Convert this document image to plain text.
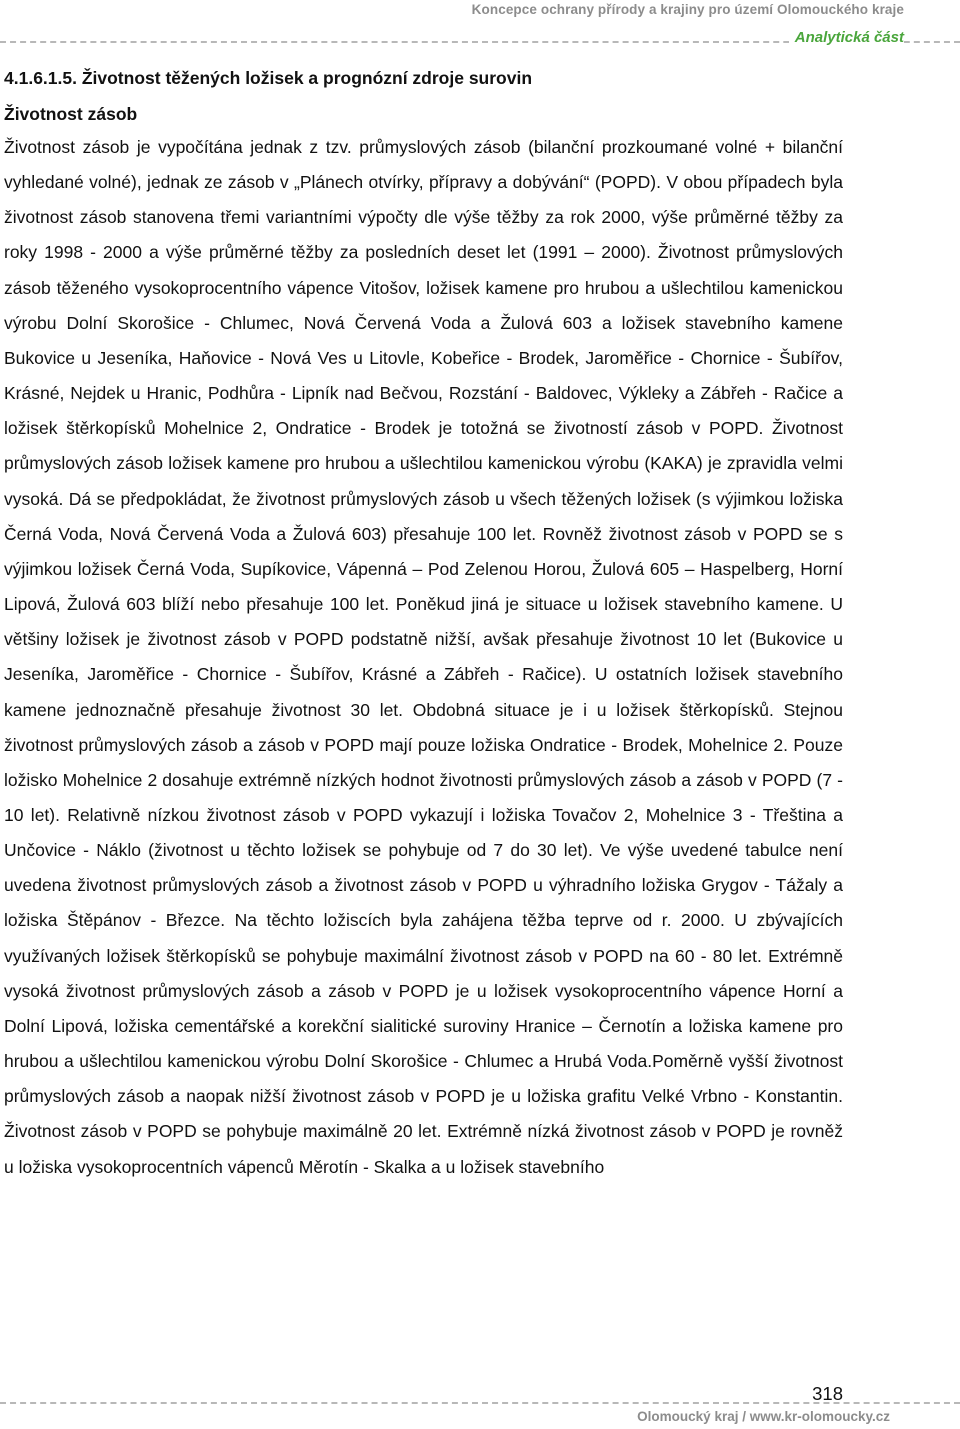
Koncepce ochrany přírody a krajiny pro území Olomouckého kraje
Analytická část
4.1.6.1.5. Životnost těžených ložisek a prognózní zdroje surovin
Životnost zásob

Životnost zásob je vypočítána jednak z tzv. průmyslových zásob (bilanční prozkoumané volné + bilanční vyhledané volné), jednak ze zásob v „Plánech otvírky, přípravy a dobývání“ (POPD). V obou případech byla životnost zásob stanovena třemi variantními výpočty dle výše těžby za rok 2000, výše průměrné těžby za roky 1998 - 2000 a výše průměrné těžby za posledních deset let (1991 – 2000). Životnost průmyslových zásob těženého vysokoprocentního vápence Vitošov, ložisek kamene pro hrubou a ušlechtilou kamenickou výrobu Dolní Skorošice - Chlumec, Nová Červená Voda a Žulová 603 a ložisek stavebního kamene Bukovice u Jeseníka, Haňovice - Nová Ves u Litovle, Kobeřice - Brodek, Jaroměřice - Chornice - Šubířov, Krásné, Nejdek u Hranic, Podhůra - Lipník nad Bečvou, Rozstání - Baldovec, Výkleky a Zábřeh - Račice a ložisek štěrkopísků Mohelnice 2, Ondratice - Brodek je totožná se životností zásob v POPD. Životnost průmyslových zásob ložisek kamene pro hrubou a ušlechtilou kamenickou výrobu (KAKA) je zpravidla velmi vysoká. Dá se předpokládat, že životnost průmyslových zásob u všech těžených ložisek (s výjimkou ložiska Černá Voda, Nová Červená Voda a Žulová 603) přesahuje 100 let. Rovněž životnost zásob v POPD se s výjimkou ložisek Černá Voda, Supíkovice, Vápenná – Pod Zelenou Horou, Žulová 605 – Haspelberg, Horní Lipová, Žulová 603 blíží nebo přesahuje 100 let. Poněkud jiná je situace u ložisek stavebního kamene. U většiny ložisek je životnost zásob v POPD podstatně nižší, avšak přesahuje životnost 10 let (Bukovice u Jeseníka, Jaroměřice - Chornice - Šubířov, Krásné a Zábřeh - Račice). U ostatních ložisek stavebního kamene jednoznačně přesahuje životnost 30 let. Obdobná situace je i u ložisek štěrkopísků. Stejnou životnost průmyslových zásob a zásob v POPD mají pouze ložiska Ondratice - Brodek, Mohelnice 2. Pouze ložisko Mohelnice 2 dosahuje extrémně nízkých hodnot životnosti průmyslových zásob a zásob v POPD (7 - 10 let). Relativně nízkou životnost zásob v POPD vykazují i ložiska Tovačov 2, Mohelnice 3 - Třeština a Unčovice - Náklo (životnost u těchto ložisek se pohybuje od 7 do 30 let). Ve výše uvedené tabulce není uvedena životnost průmyslových zásob a životnost zásob v POPD u výhradního ložiska Grygov - Tážaly a ložiska Štěpánov - Březce. Na těchto ložiscích byla zahájena těžba teprve od r. 2000. U zbývajících využívaných ložisek štěrkopísků se pohybuje maximální životnost zásob v POPD na 60 - 80 let. Extrémně vysoká životnost průmyslových zásob a zásob v POPD je u ložisek vysokoprocentního vápence Horní a Dolní Lipová, ložiska cementářské a korekční sialitické suroviny Hranice – Černotín a ložiska kamene pro hrubou a ušlechtilou kamenickou výrobu Dolní Skorošice - Chlumec a Hrubá Voda.Poměrně vyšší životnost průmyslových zásob a naopak nižší životnost zásob v POPD je u ložiska grafitu Velké Vrbno - Konstantin. Životnost zásob v POPD se pohybuje maximálně 20 let. Extrémně nízká životnost zásob v POPD je rovněž u ložiska vysokoprocentních vápenců Měrotín - Skalka a u ložisek stavebního

318
Olomoucký kraj / www.kr-olomoucky.cz
